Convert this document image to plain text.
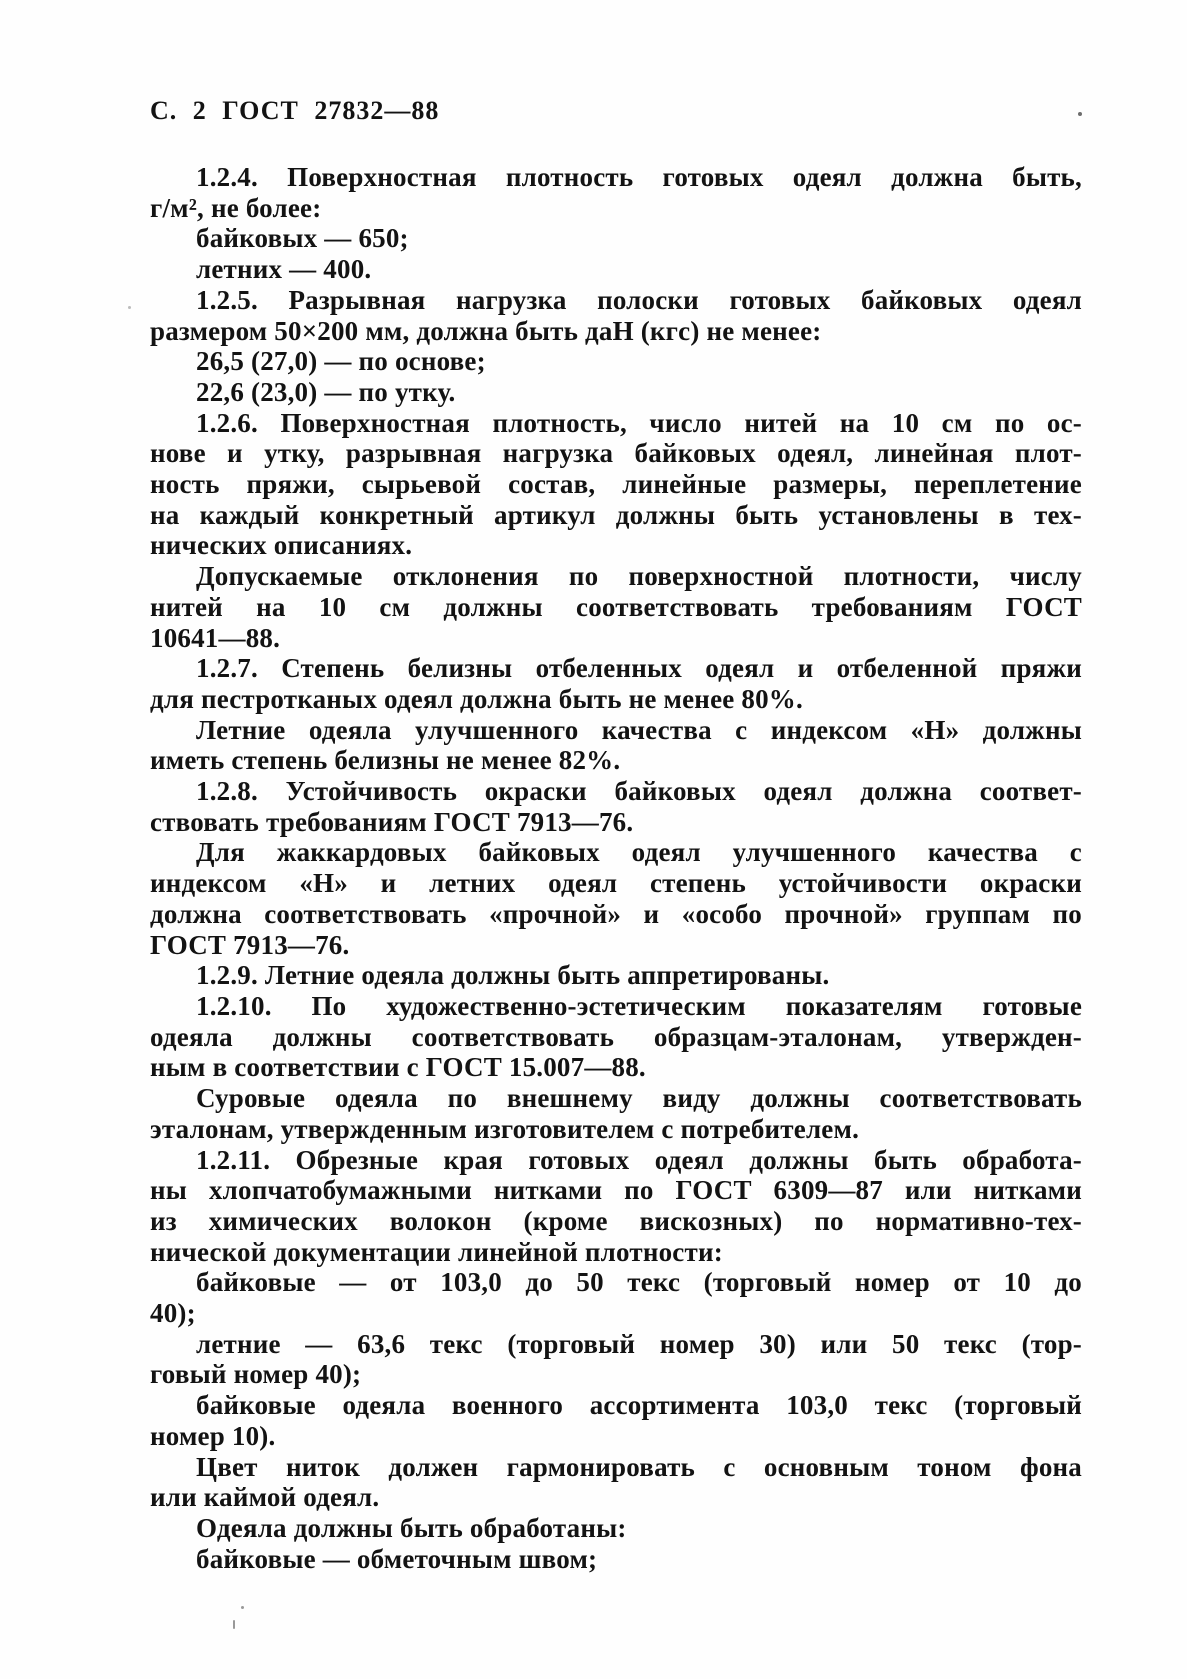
С. 2 ГОСТ 27832—88
1.2.4. Поверхностная плотность готовых одеял должна быть,
г/м², не более:
байковых — 650;
летних — 400.
1.2.5. Разрывная нагрузка полоски готовых байковых одеял
размером 50×200 мм, должна быть даН (кгс) не менее:
26,5 (27,0) — по основе;
22,6 (23,0) — по утку.
1.2.6. Поверхностная плотность, число нитей на 10 см по ос-
нове и утку, разрывная нагрузка байковых одеял, линейная плот-
ность пряжи, сырьевой состав, линейные размеры, переплетение
на каждый конкретный артикул должны быть установлены в тех-
нических описаниях.
Допускаемые отклонения по поверхностной плотности, числу
нитей на 10 см должны соответствовать требованиям ГОСТ
10641—88.
1.2.7. Степень белизны отбеленных одеял и отбеленной пряжи
для пестротканых одеял должна быть не менее 80%.
Летние одеяла улучшенного качества с индексом «Н» должны
иметь степень белизны не менее 82%.
1.2.8. Устойчивость окраски байковых одеял должна соответ-
ствовать требованиям ГОСТ 7913—76.
Для жаккардовых байковых одеял улучшенного качества с
индексом «Н» и летних одеял степень устойчивости окраски
должна соответствовать «прочной» и «особо прочной» группам по
ГОСТ 7913—76.
1.2.9. Летние одеяла должны быть аппретированы.
1.2.10. По художественно-эстетическим показателям готовые
одеяла должны соответствовать образцам-эталонам, утвержден-
ным в соответствии с ГОСТ 15.007—88.
Суровые одеяла по внешнему виду должны соответствовать
эталонам, утвержденным изготовителем с потребителем.
1.2.11. Обрезные края готовых одеял должны быть обработа-
ны хлопчатобумажными нитками по ГОСТ 6309—87 или нитками
из химических волокон (кроме вискозных) по нормативно-тех-
нической документации линейной плотности:
байковые — от 103,0 до 50 текс (торговый номер от 10 до
40);
летние — 63,6 текс (торговый номер 30) или 50 текс (тор-
говый номер 40);
байковые одеяла военного ассортимента 103,0 текс (торговый
номер 10).
Цвет ниток должен гармонировать с основным тоном фона
или каймой одеял.
Одеяла должны быть обработаны:
байковые — обметочным швом;
